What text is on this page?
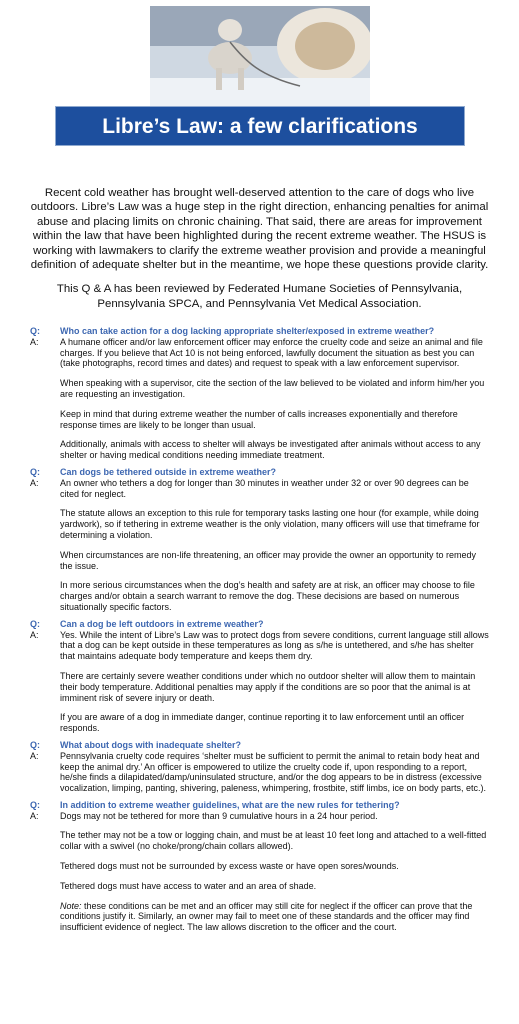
Libre’s Law: a few clarifications

Recent cold weather has brought well-deserved attention to the care of dogs who live outdoors. Libre’s Law was a huge step in the right direction, enhancing penalties for animal abuse and placing limits on chronic chaining. That said, there are areas for improvement within the law that have been highlighted during the recent extreme weather. The HSUS is working with lawmakers to clarify the extreme weather provision and provide a meaningful definition of adequate shelter but in the meantime, we hope these questions provide clarity.

This Q & A has been reviewed by Federated Humane Societies of Pennsylvania, Pennsylvania SPCA, and Pennsylvania Vet Medical Association.

Q:	Who can take action for a dog lacking appropriate shelter/exposed in extreme weather?
A:	A humane officer and/or law enforcement officer may enforce the cruelty code and seize an animal and file charges. If you believe that Act 10 is not being enforced, lawfully document the situation as best you can (take photographs, record times and dates) and request to speak with a law enforcement supervisor.

When speaking with a supervisor, cite the section of the law believed to be violated and inform him/her you are requesting an investigation.

Keep in mind that during extreme weather the number of calls increases exponentially and therefore response times are likely to be longer than usual.

Additionally, animals with access to shelter will always be investigated after animals without access to any shelter or having medical conditions needing immediate treatment.

Q:	Can dogs be tethered outside in extreme weather?
A:	An owner who tethers a dog for longer than 30 minutes in weather under 32 or over 90 degrees can be cited for neglect.

The statute allows an exception to this rule for temporary tasks lasting one hour (for example, while doing yardwork), so if tethering in extreme weather is the only violation, many officers will use that timeframe for determining a violation.

When circumstances are non-life threatening, an officer may provide the owner an opportunity to remedy the issue.

In more serious circumstances when the dog’s health and safety are at risk, an officer may choose to file charges and/or obtain a search warrant to remove the dog. These decisions are based on numerous situationally specific factors.

Q:	Can a dog be left outdoors in extreme weather?
A:	Yes. While the intent of Libre’s Law was to protect dogs from severe conditions, current language still allows that a dog can be kept outside in these temperatures as long as s/he is untethered, and s/he has shelter that maintains adequate body temperature and keeps them dry.

There are certainly severe weather conditions under which no outdoor shelter will allow them to maintain their body temperature. Additional penalties may apply if the conditions are so poor that the animal is at imminent risk of severe injury or death.

If you are aware of a dog in immediate danger, continue reporting it to law enforcement until an officer responds.

Q:	What about dogs with inadequate shelter?
A:	Pennsylvania cruelty code requires ‘shelter must be sufficient to permit the animal to retain body heat and keep the animal dry.’ An officer is empowered to utilize the cruelty code if, upon responding to a report, he/she finds a dilapidated/damp/uninsulated structure, and/or the dog appears to be in distress (excessive vocalization, limping, panting, shivering, paleness, whimpering, frostbite, stiff limbs, ice on body parts, etc.).

Q:	In addition to extreme weather guidelines, what are the new rules for tethering?
A:	Dogs may not be tethered for more than 9 cumulative hours in a 24 hour period.

The tether may not be a tow or logging chain, and must be at least 10 feet long and attached to a well-fitted collar with a swivel (no choke/prong/chain collars allowed).

Tethered dogs must not be surrounded by excess waste or have open sores/wounds.

Tethered dogs must have access to water and an area of shade.

Note: these conditions can be met and an officer may still cite for neglect if the officer can prove that the conditions justify it. Similarly, an owner may fail to meet one of these standards and the officer may find insufficient evidence of neglect. The law allows discretion to the officer and the court.
